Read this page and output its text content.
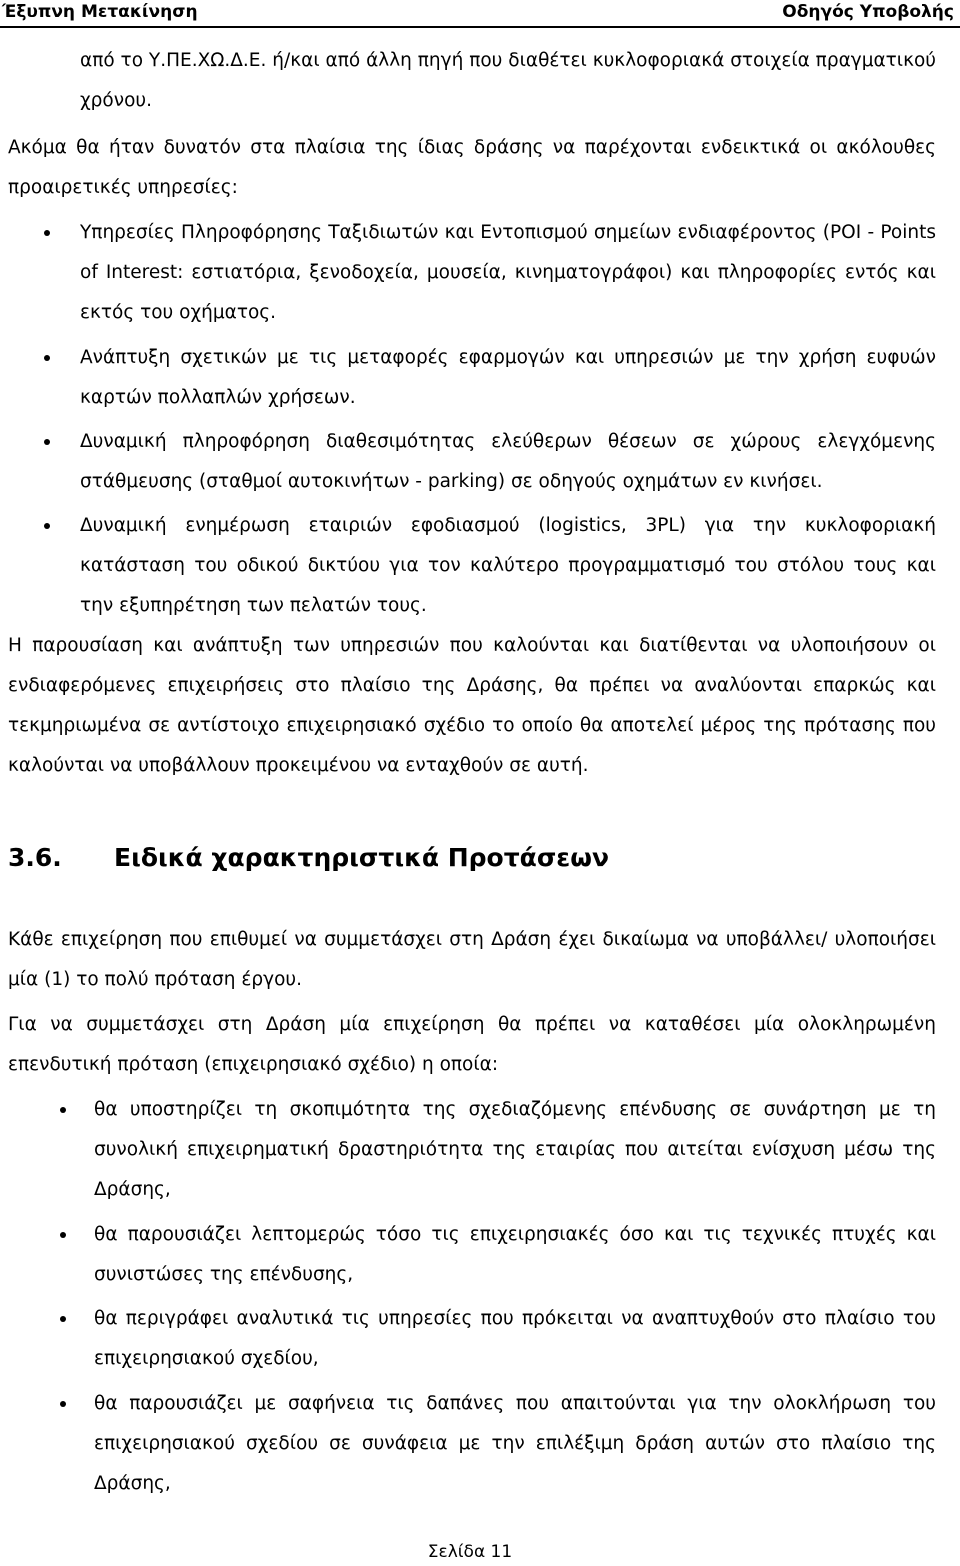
Έξυπνη Μετακίνηση	Οδηγός Υποβολής
από το Υ.ΠΕ.ΧΩ.Δ.Ε. ή/και από άλλη πηγή που διαθέτει κυκλοφοριακά στοιχεία πραγματικού χρόνου.
Ακόμα θα ήταν δυνατόν στα πλαίσια της ίδιας δράσης να παρέχονται ενδεικτικά οι ακόλουθες προαιρετικές υπηρεσίες:
Υπηρεσίες Πληροφόρησης Ταξιδιωτών και Εντοπισμού σημείων ενδιαφέροντος (POI - Points of Interest: εστιατόρια, ξενοδοχεία, μουσεία, κινηματογράφοι) και πληροφορίες εντός και εκτός του οχήματος.
Ανάπτυξη σχετικών με τις μεταφορές εφαρμογών και υπηρεσιών με την χρήση ευφυών καρτών πολλαπλών χρήσεων.
Δυναμική πληροφόρηση διαθεσιμότητας ελεύθερων θέσεων σε χώρους ελεγχόμενης στάθμευσης (σταθμοί αυτοκινήτων - parking) σε οδηγούς οχημάτων εν κινήσει.
Δυναμική ενημέρωση εταιριών εφοδιασμού (logistics, 3PL) για την κυκλοφοριακή κατάσταση του οδικού δικτύου για τον καλύτερο προγραμματισμό του στόλου τους και την εξυπηρέτηση των πελατών τους.
Η παρουσίαση και ανάπτυξη των υπηρεσιών που καλούνται και διατίθενται να υλοποιήσουν οι ενδιαφερόμενες επιχειρήσεις στο πλαίσιο της Δράσης, θα πρέπει να αναλύονται επαρκώς και τεκμηριωμένα σε αντίστοιχο επιχειρησιακό σχέδιο το οποίο θα αποτελεί μέρος της πρότασης που καλούνται να υποβάλλουν προκειμένου να ενταχθούν σε αυτή.
3.6. Ειδικά χαρακτηριστικά Προτάσεων
Κάθε επιχείρηση που επιθυμεί να συμμετάσχει στη Δράση έχει δικαίωμα να υποβάλλει/ υλοποιήσει μία (1) το πολύ πρόταση έργου.
Για να συμμετάσχει στη Δράση μία επιχείρηση θα πρέπει να καταθέσει μία ολοκληρωμένη επενδυτική πρόταση (επιχειρησιακό σχέδιο) η οποία:
θα υποστηρίζει τη σκοπιμότητα της σχεδιαζόμενης επένδυσης σε συνάρτηση με τη συνολική επιχειρηματική δραστηριότητα της εταιρίας που αιτείται ενίσχυση μέσω της Δράσης,
θα παρουσιάζει λεπτομερώς τόσο τις επιχειρησιακές όσο και τις τεχνικές πτυχές και συνιστώσες της επένδυσης,
θα περιγράφει αναλυτικά τις υπηρεσίες που πρόκειται να αναπτυχθούν στο πλαίσιο του επιχειρησιακού σχεδίου,
θα παρουσιάζει με σαφήνεια τις δαπάνες που απαιτούνται για την ολοκλήρωση του επιχειρησιακού σχεδίου σε συνάφεια με την επιλέξιμη δράση αυτών στο πλαίσιο της Δράσης,
Σελίδα 11
